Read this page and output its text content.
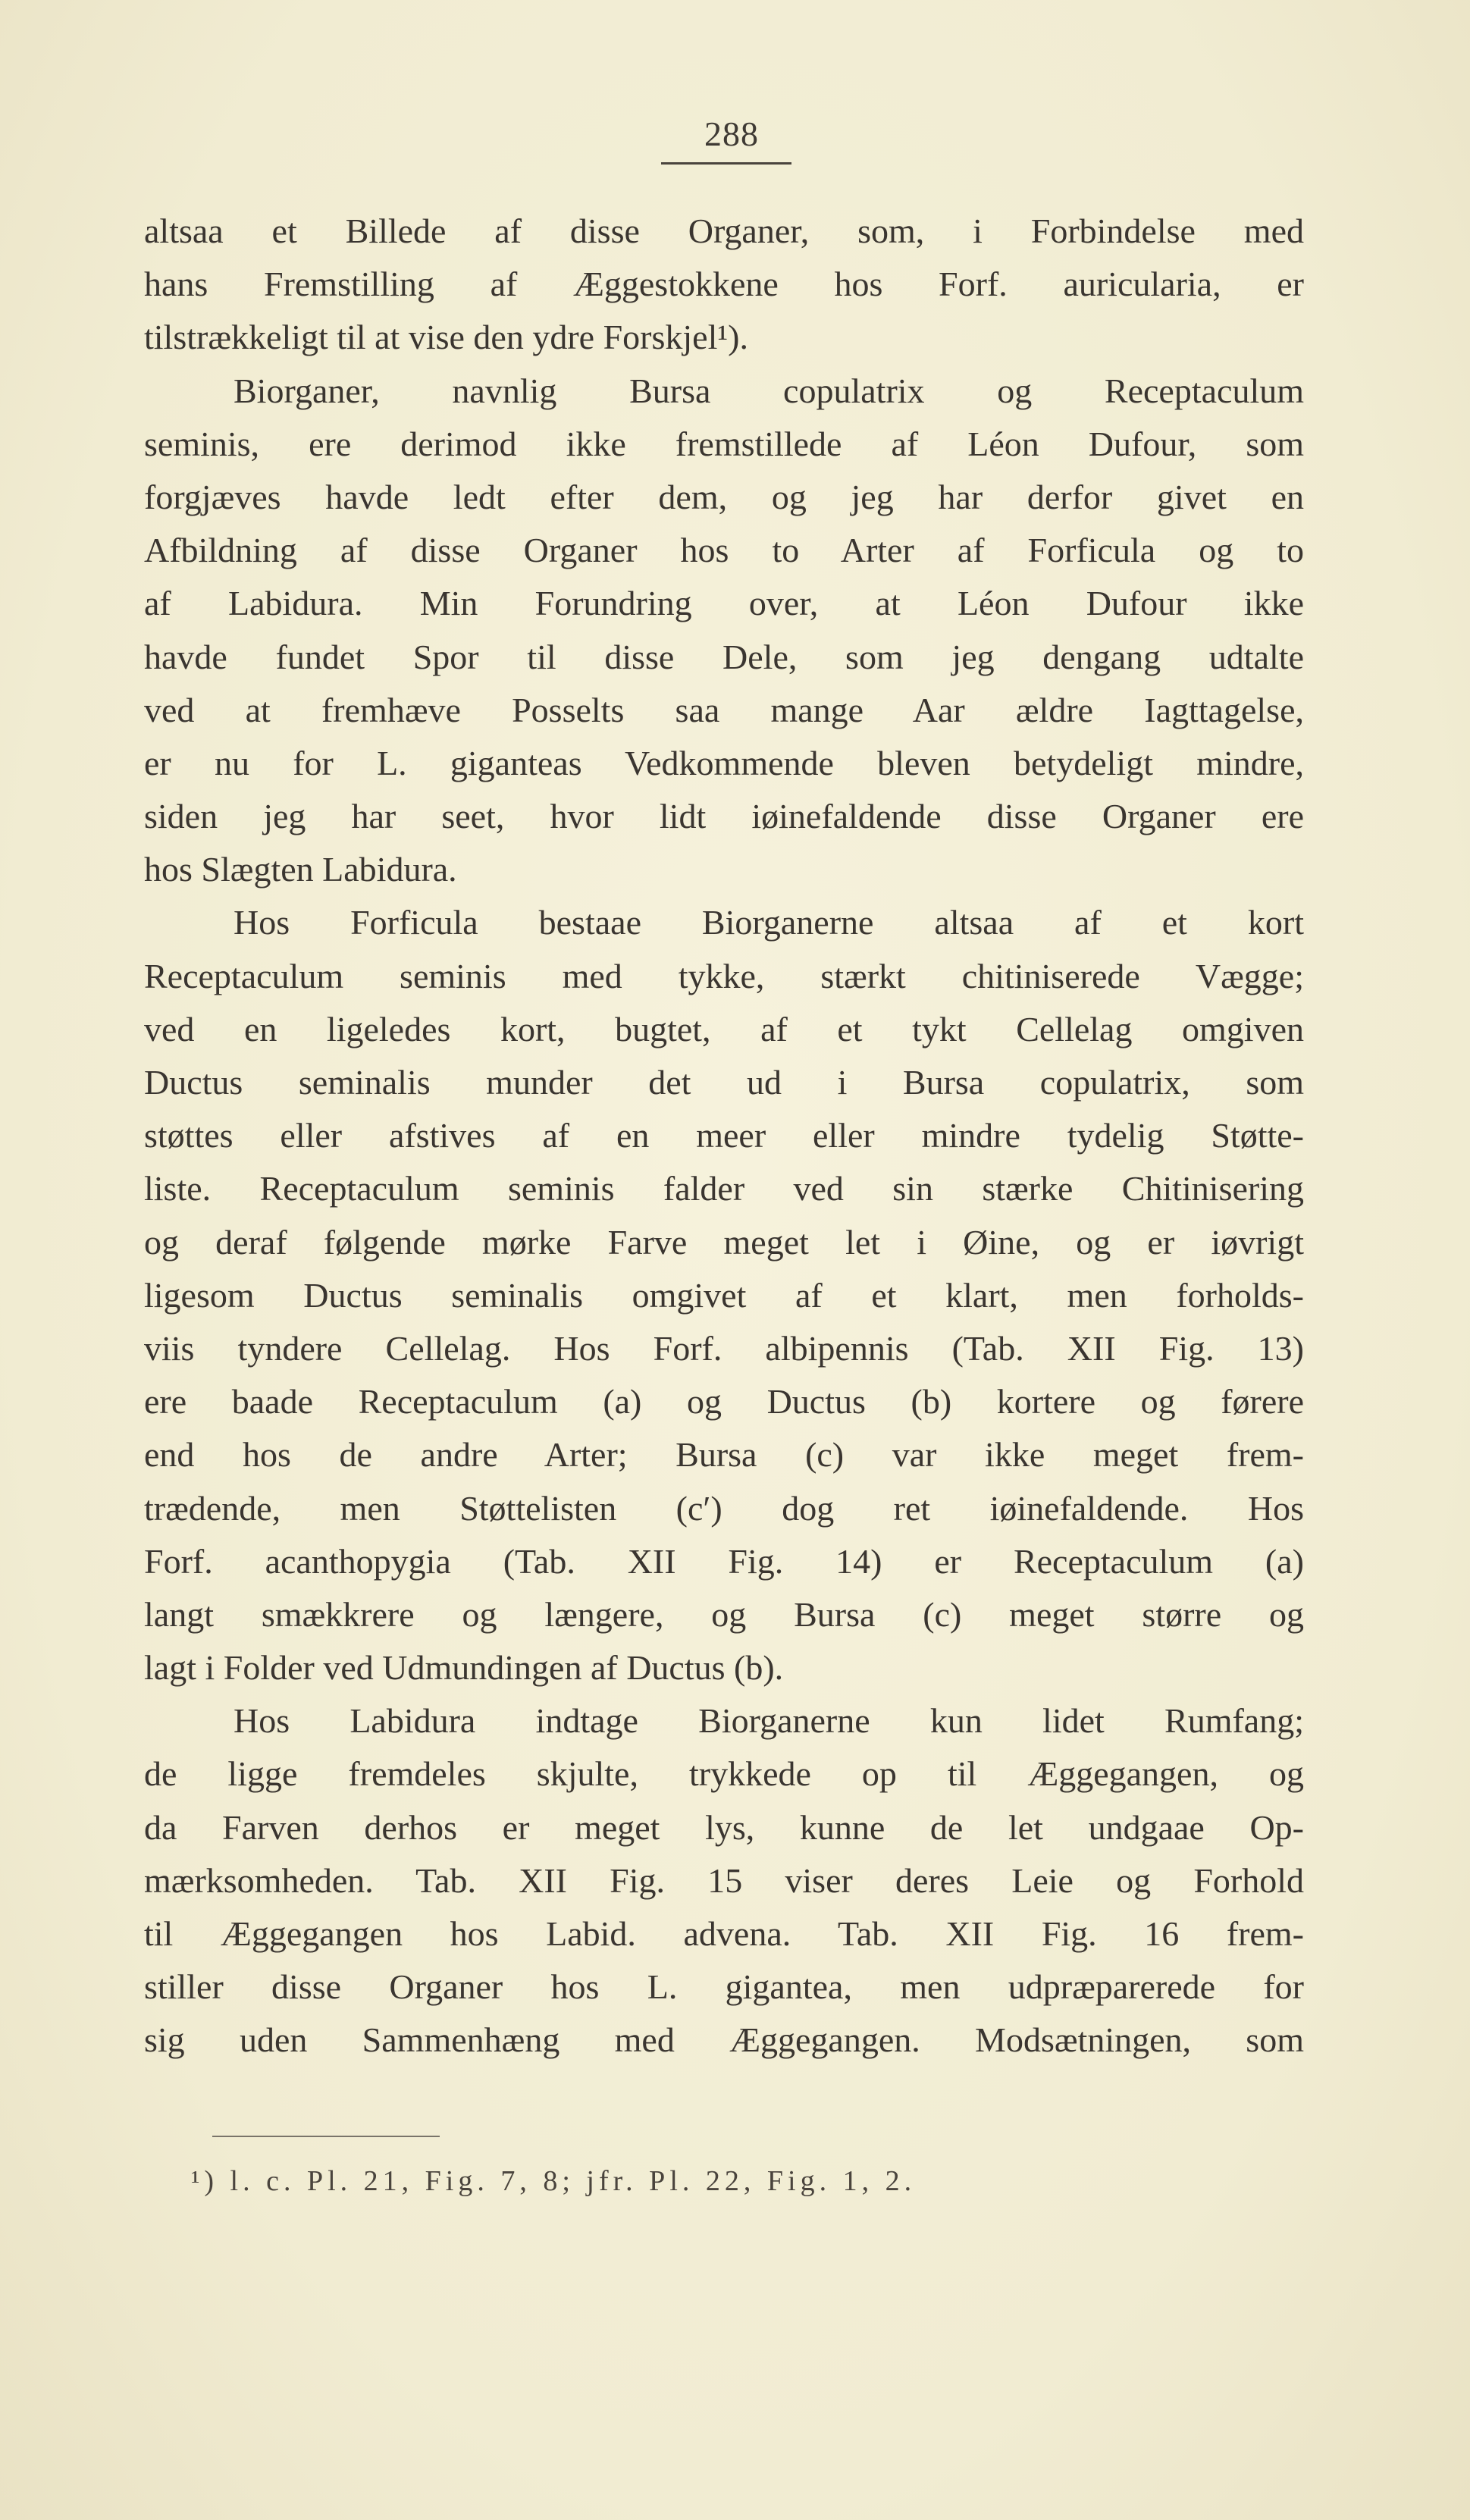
288
altsaa et Billede af disse Organer, som, i Forbindelse med
hans Fremstilling af Æggestokkene hos Forf. auricularia, er
tilstrækkeligt til at vise den ydre Forskjel¹).
Biorganer, navnlig Bursa copulatrix og Receptaculum
seminis, ere derimod ikke fremstillede af Léon Dufour, som
forgjæves havde ledt efter dem, og jeg har derfor givet en
Afbildning af disse Organer hos to Arter af Forficula og to
af Labidura. Min Forundring over, at Léon Dufour ikke
havde fundet Spor til disse Dele, som jeg dengang udtalte
ved at fremhæve Posselts saa mange Aar ældre Iagttagelse,
er nu for L. giganteas Vedkommende bleven betydeligt mindre,
siden jeg har seet, hvor lidt iøinefaldende disse Organer ere
hos Slægten Labidura.
Hos Forficula bestaae Biorganerne altsaa af et kort
Receptaculum seminis med tykke, stærkt chitiniserede Vægge;
ved en ligeledes kort, bugtet, af et tykt Cellelag omgiven
Ductus seminalis munder det ud i Bursa copulatrix, som
støttes eller afstives af en meer eller mindre tydelig Støtte-
liste. Receptaculum seminis falder ved sin stærke Chitinisering
og deraf følgende mørke Farve meget let i Øine, og er iøvrigt
ligesom Ductus seminalis omgivet af et klart, men forholds-
viis tyndere Cellelag. Hos Forf. albipennis (Tab. XII Fig. 13)
ere baade Receptaculum (a) og Ductus (b) kortere og førere
end hos de andre Arter; Bursa (c) var ikke meget frem-
trædende, men Støttelisten (c′) dog ret iøinefaldende. Hos
Forf. acanthopygia (Tab. XII Fig. 14) er Receptaculum (a)
langt smækkrere og længere, og Bursa (c) meget større og
lagt i Folder ved Udmundingen af Ductus (b).
Hos Labidura indtage Biorganerne kun lidet Rumfang;
de ligge fremdeles skjulte, trykkede op til Æggegangen, og
da Farven derhos er meget lys, kunne de let undgaae Op-
mærksomheden. Tab. XII Fig. 15 viser deres Leie og Forhold
til Æggegangen hos Labid. advena. Tab. XII Fig. 16 frem-
stiller disse Organer hos L. gigantea, men udpræparerede for
sig uden Sammenhæng med Æggegangen. Modsætningen, som
¹) l. c. Pl. 21, Fig. 7, 8; jfr. Pl. 22, Fig. 1, 2.
